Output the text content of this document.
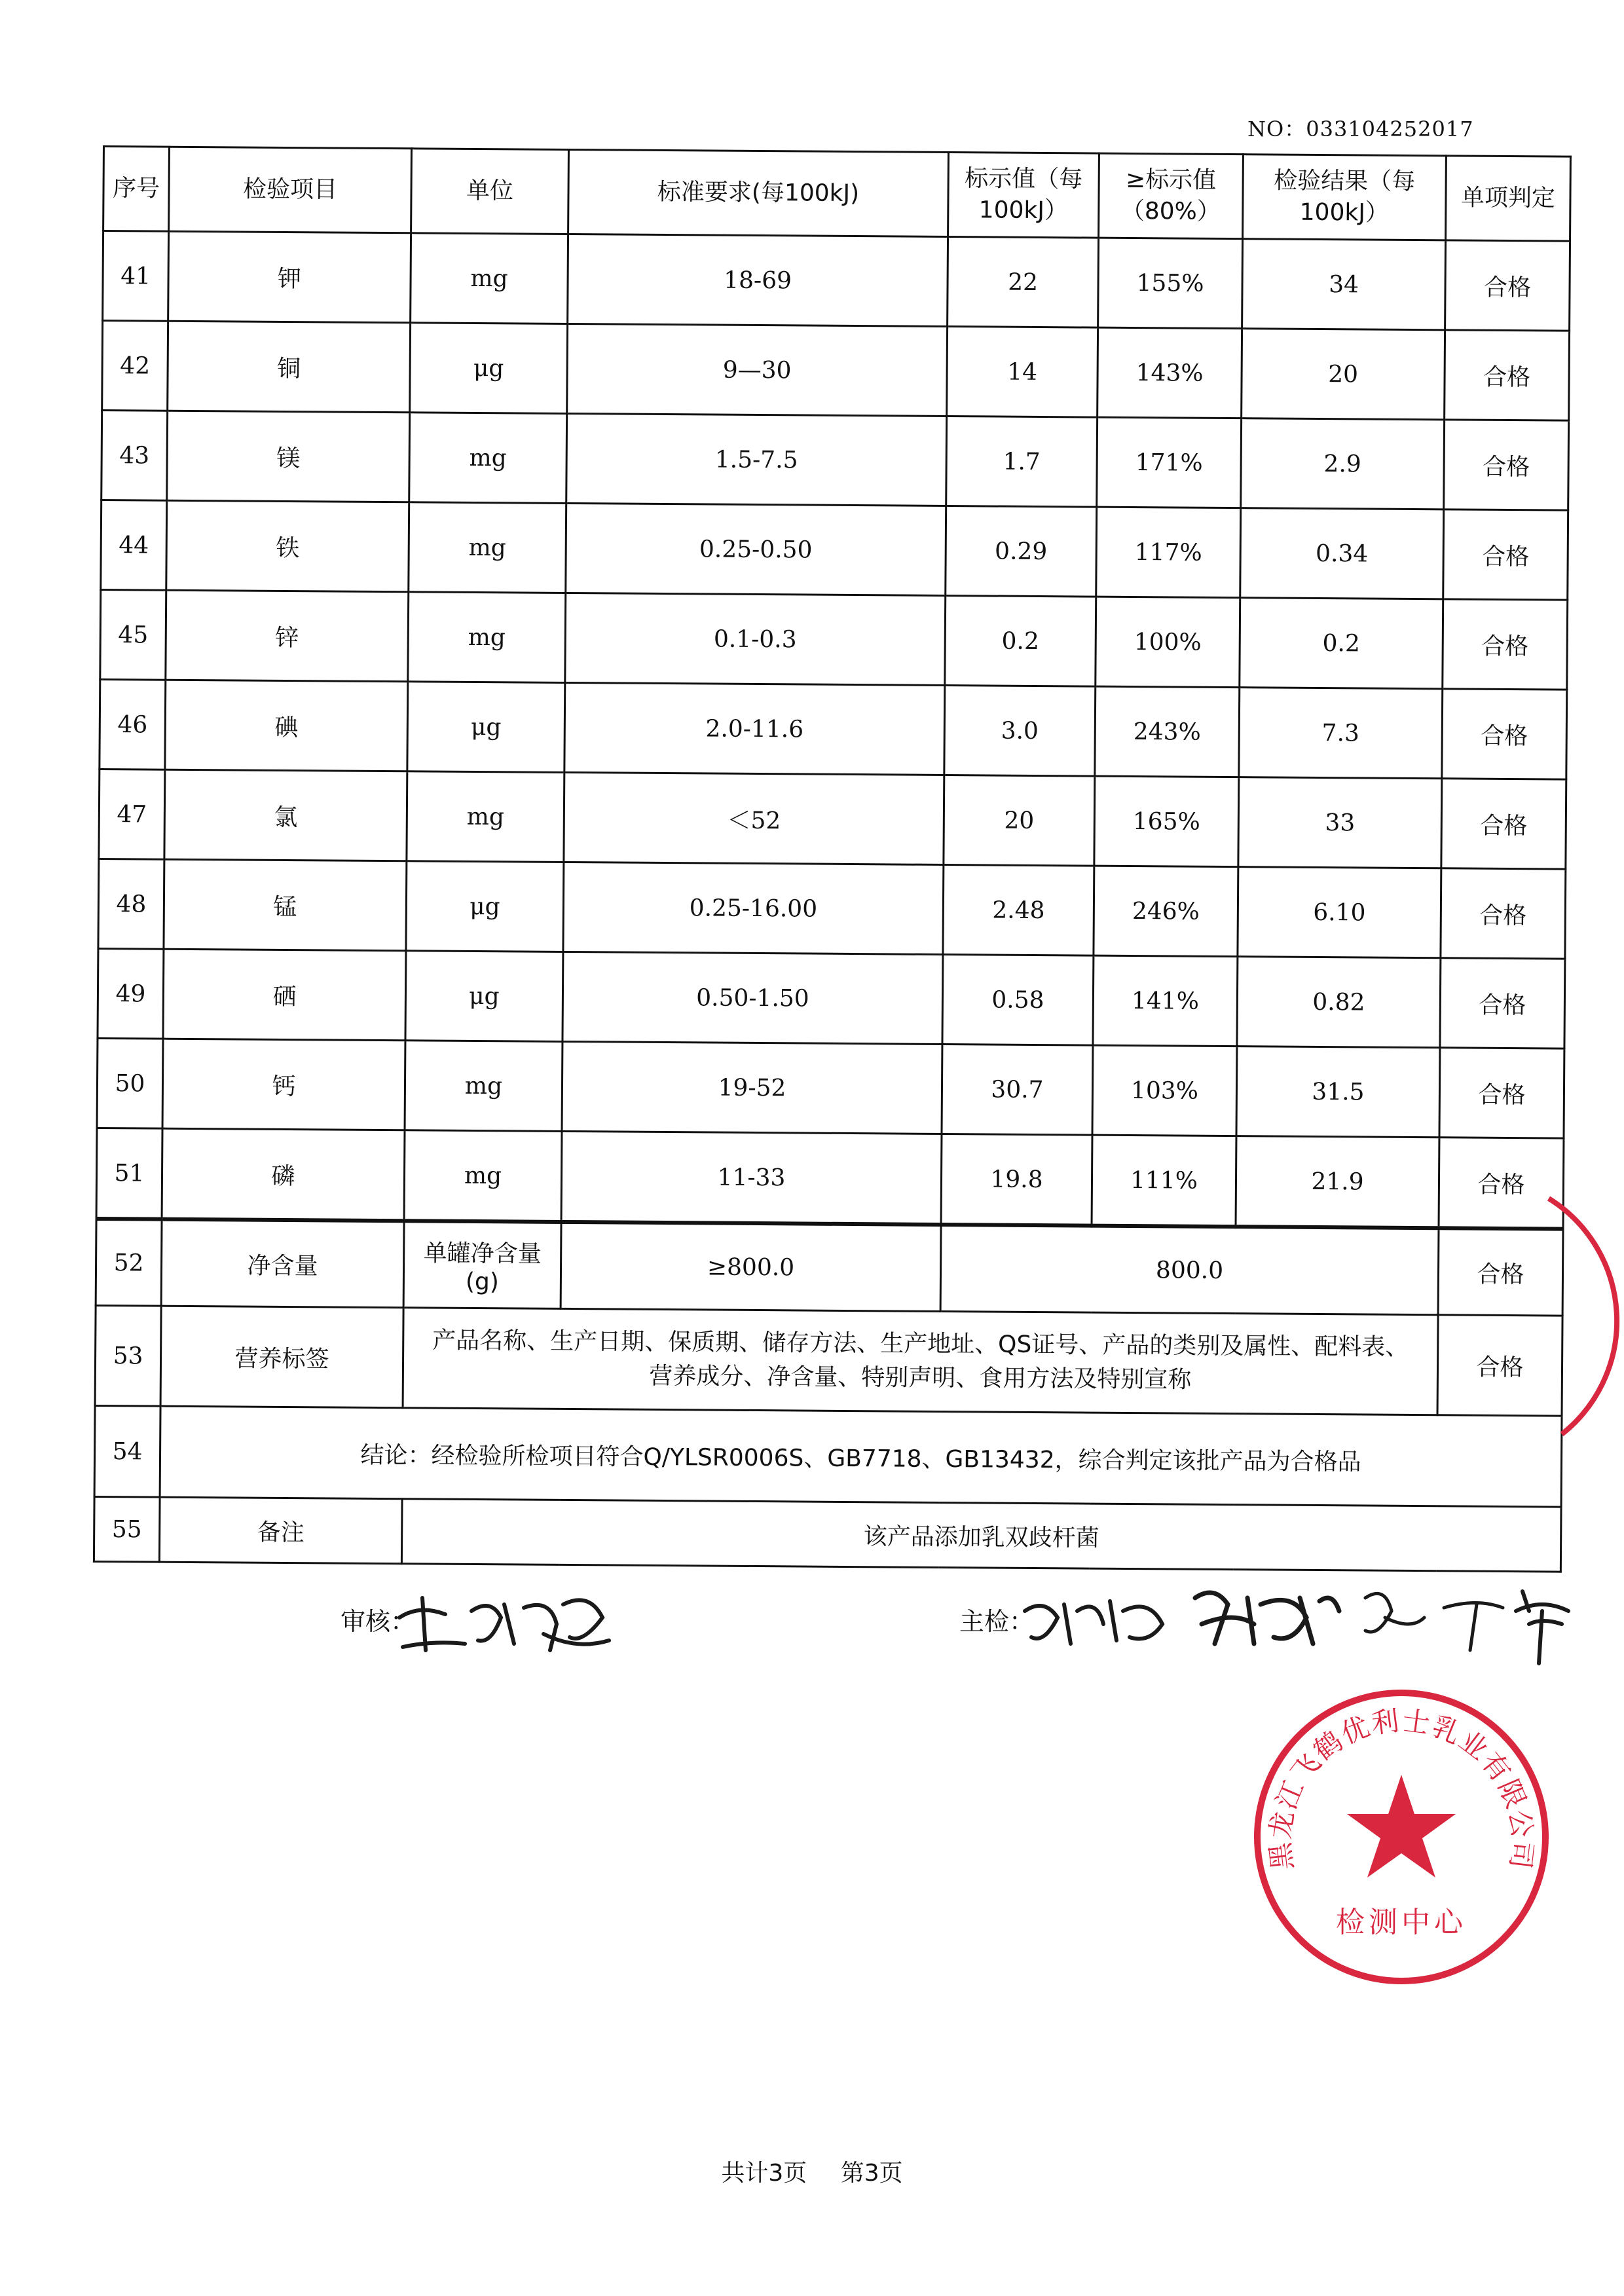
NO：033104252017
序号	检验项目	单位	标准要求(每100kJ)	标示值（每100kJ）	≥标示值（80%）	检验结果（每100kJ）	单项判定
41	钾	mg	18-69	22	155%	34	合格
42	铜	μg	9—30	14	143%	20	合格
43	镁	mg	1.5-7.5	1.7	171%	2.9	合格
44	铁	mg	0.25-0.50	0.29	117%	0.34	合格
45	锌	mg	0.1-0.3	0.2	100%	0.2	合格
46	碘	μg	2.0-11.6	3.0	243%	7.3	合格
47	氯	mg	＜52	20	165%	33	合格
48	锰	μg	0.25-16.00	2.48	246%	6.10	合格
49	硒	μg	0.50-1.50	0.58	141%	0.82	合格
50	钙	mg	19-52	30.7	103%	31.5	合格
51	磷	mg	11-33	19.8	111%	21.9	合格
52	净含量	单罐净含量(g)	≥800.0	800.0			合格
53	营养标签	产品名称、生产日期、保质期、储存方法、生产地址、QS证号、产品的类别及属性、配料表、营养成分、净含量、特别声明、食用方法及特别宣称					合格
54	结论：经检验所检项目符合Q/YLSR0006S、GB7718、GB13432，综合判定该批产品为合格品						
55	备注	该产品添加乳双歧杆菌					
审核：	主检：
黑龙江飞鹤优利士乳业有限公司
检测中心
共计3页 第3页
